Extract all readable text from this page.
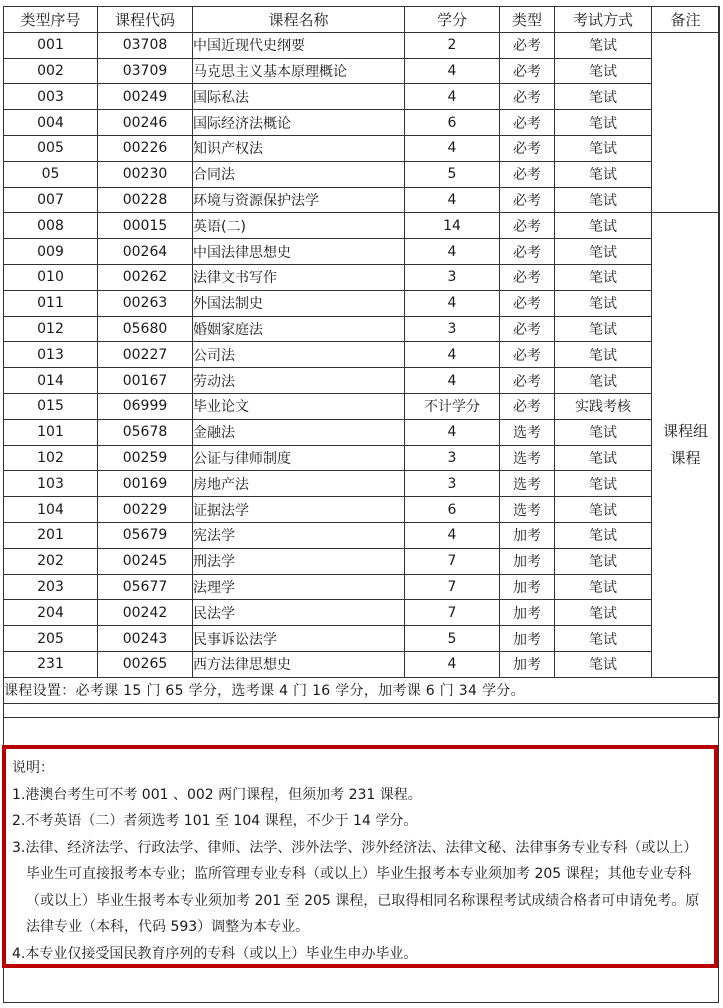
类型序号	课程代码	课程名称	学分	类型	考试方式	备注
001	03708	中国近现代史纲要	2	必考	笔试	
002	03709	马克思主义基本原理概论	4	必考	笔试	
003	00249	国际私法	4	必考	笔试	
004	00246	国际经济法概论	6	必考	笔试	
005	00226	知识产权法	4	必考	笔试	
05	00230	合同法	5	必考	笔试	
007	00228	环境与资源保护法学	4	必考	笔试	
008	00015	英语(二)	14	必考	笔试	课程组
课程

009	00264	中国法律思想史	4	必考	笔试	
010	00262	法律文书写作	3	必考	笔试	
011	00263	外国法制史	4	必考	笔试	
012	05680	婚姻家庭法	3	必考	笔试	
013	00227	公司法	4	必考	笔试	
014	00167	劳动法	4	必考	笔试	
015	06999	毕业论文	不计学分	必考	实践考核	
101	05678	金融法	4	选考	笔试	
102	00259	公证与律师制度	3	选考	笔试	
103	00169	房地产法	3	选考	笔试	
104	00229	证据法学	6	选考	笔试	
201	05679	宪法学	4	加考	笔试	
202	00245	刑法学	7	加考	笔试	
203	05677	法理学	7	加考	笔试	
204	00242	民法学	7	加考	笔试	
205	00243	民事诉讼法学	5	加考	笔试	
231	00265	西方法律思想史	4	加考	笔试	
课程设置：必考课 15 门 65 学分，选考课 4 门 16 学分，加考课 6 门 34 学分。						

说明：

1.港澳台考生可不考 001 、002 两门课程，但须加考 231 课程。

2.不考英语（二）者须选考 101 至 104 课程，不少于 14 学分。

3.法律、经济法学、行政法学、律师、法学、涉外法学、涉外经济法、法律文秘、法律事务专业专科（或以上）毕业生可直接报考本专业；监所管理专业专科（或以上）毕业生报考本专业须加考 205 课程；其他专业专科（或以上）毕业生报考本专业须加考 201 至 205 课程，已取得相同名称课程考试成绩合格者可申请免考。原法律专业（本科，代码 593）调整为本专业。

4.本专业仅接受国民教育序列的专科（或以上）毕业生申办毕业。
